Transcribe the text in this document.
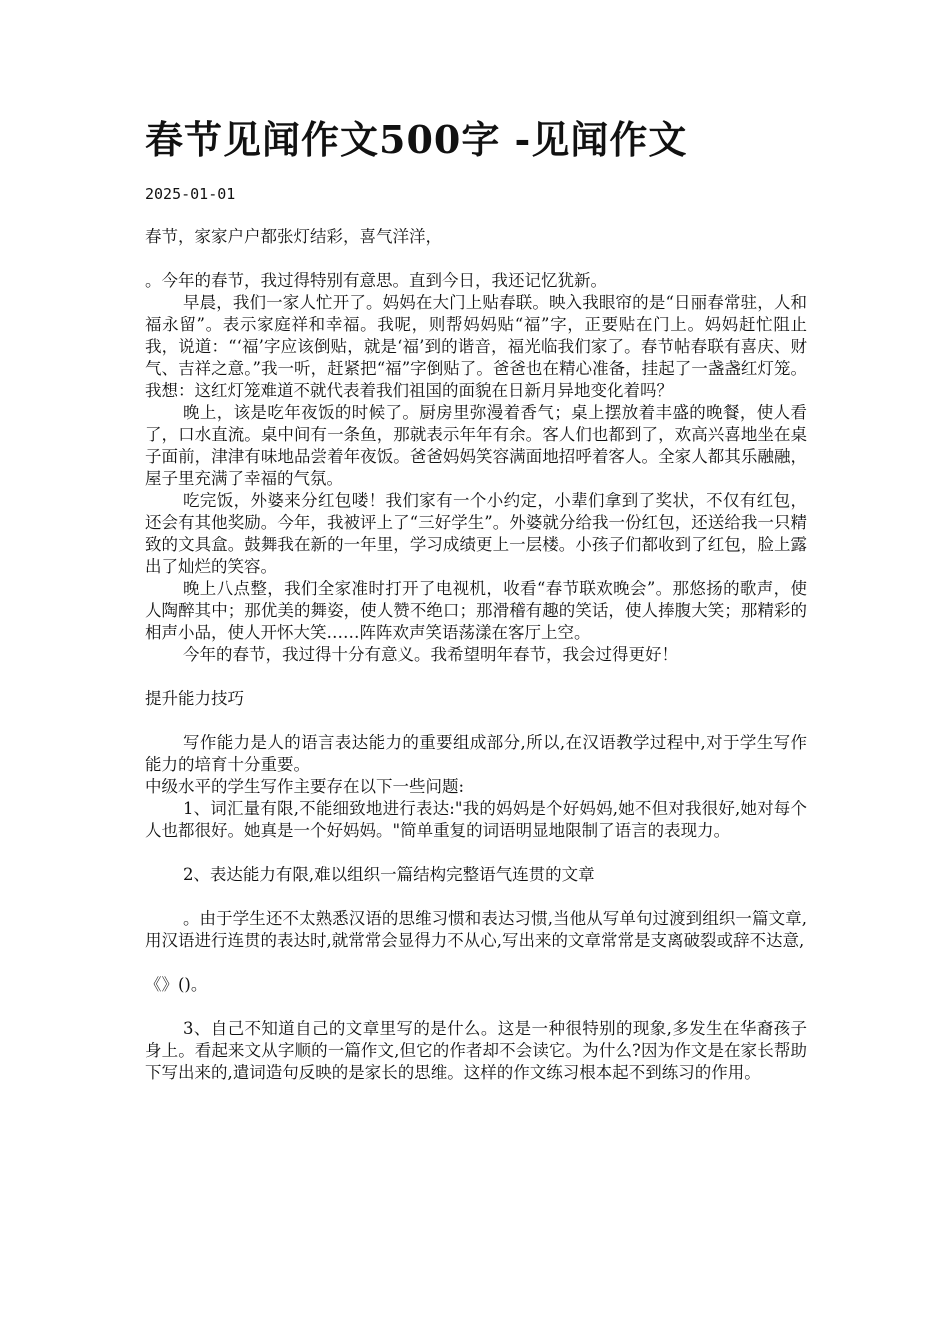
春节见闻作文500字 -见闻作文
2025-01-01

春节，家家户户都张灯结彩，喜气洋洋，

。今年的春节，我过得特别有意思。直到今日，我还记忆犹新。

早晨，我们一家人忙开了。妈妈在大门上贴春联。映入我眼帘的是“日丽春常驻，人和福永留”。表示家庭祥和幸福。我呢，则帮妈妈贴“福”字，正要贴在门上。妈妈赶忙阻止我，说道：“‘福’字应该倒贴，就是‘福’到的谐音，福光临我们家了。春节帖春联有喜庆、财气、吉祥之意。”我一听，赶紧把“福”字倒贴了。爸爸也在精心准备，挂起了一盏盏红灯笼。我想：这红灯笼难道不就代表着我们祖国的面貌在日新月异地变化着吗？

晚上，该是吃年夜饭的时候了。厨房里弥漫着香气；桌上摆放着丰盛的晚餐，使人看了，口水直流。桌中间有一条鱼，那就表示年年有余。客人们也都到了，欢高兴喜地坐在桌子面前，津津有味地品尝着年夜饭。爸爸妈妈笑容满面地招呼着客人。全家人都其乐融融，屋子里充满了幸福的气氛。

吃完饭，外婆来分红包喽！我们家有一个小约定，小辈们拿到了奖状，不仅有红包，还会有其他奖励。今年，我被评上了“三好学生”。外婆就分给我一份红包，还送给我一只精致的文具盒。鼓舞我在新的一年里，学习成绩更上一层楼。小孩子们都收到了红包，脸上露出了灿烂的笑容。

晚上八点整，我们全家准时打开了电视机，收看“春节联欢晚会”。那悠扬的歌声，使人陶醉其中；那优美的舞姿，使人赞不绝口；那滑稽有趣的笑话，使人捧腹大笑；那精彩的相声小品，使人开怀大笑……阵阵欢声笑语荡漾在客厅上空。

今年的春节，我过得十分有意义。我希望明年春节，我会过得更好！

提升能力技巧

写作能力是人的语言表达能力的重要组成部分,所以,在汉语教学过程中,对于学生写作能力的培育十分重要。

中级水平的学生写作主要存在以下一些问题:

1、词汇量有限,不能细致地进行表达:"我的妈妈是个好妈妈,她不但对我很好,她对每个人也都很好。她真是一个好妈妈。"简单重复的词语明显地限制了语言的表现力。

2、表达能力有限,难以组织一篇结构完整语气连贯的文章

。由于学生还不太熟悉汉语的思维习惯和表达习惯,当他从写单句过渡到组织一篇文章,用汉语进行连贯的表达时,就常常会显得力不从心,写出来的文章常常是支离破裂或辞不达意,

《》()。

3、自己不知道自己的文章里写的是什么。这是一种很特别的现象,多发生在华裔孩子身上。看起来文从字顺的一篇作文,但它的作者却不会读它。为什么?因为作文是在家长帮助下写出来的,遣词造句反映的是家长的思维。这样的作文练习根本起不到练习的作用。
